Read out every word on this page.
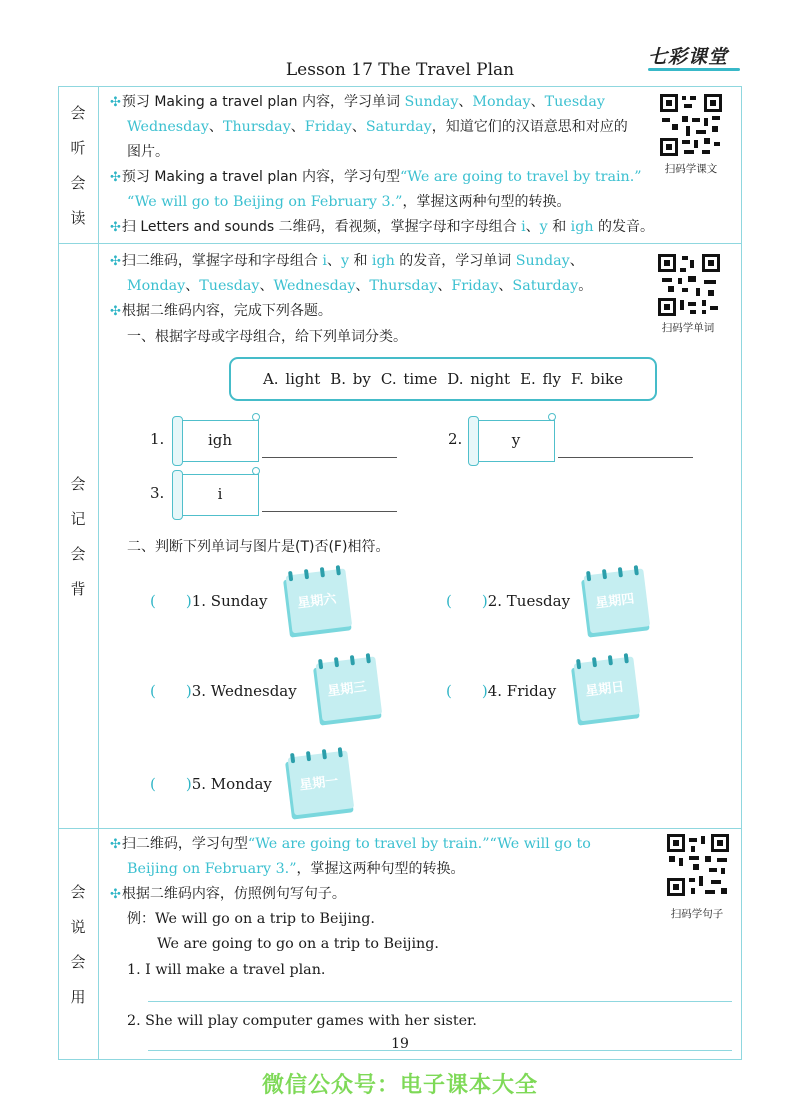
Lesson 17 The Travel Plan
七彩课堂
会
听
会
读
会
记
会
背
会
说
会
用
✣预习 Making a travel plan 内容，学习单词 Sunday、Monday、Tuesday
Wednesday、Thursday、Friday、Saturday，知道它们的汉语意思和对应的
图片。
✣预习 Making a travel plan 内容，学习句型“We are going to travel by train.”
“We will go to Beijing on February 3.”，掌握这两种句型的转换。
✣扫 Letters and sounds 二维码，看视频，掌握字母和字母组合 i、y 和 igh 的发音。
扫码学课文
✣扫二维码，掌握字母和字母组合 i、y 和 igh 的发音，学习单词 Sunday、
Monday、Tuesday、Wednesday、Thursday、Friday、Saturday。
✣根据二维码内容，完成下列各题。
一、根据字母或字母组合，给下列单词分类。
扫码学单词
A. light B. by C. time D. night E. fly F. bike
1.	igh	2.	y
3.	i
二、判断下列单词与图片是(T)否(F)相符。
(　　)1. Sunday	星期六	(　　)2. Tuesday	星期四
(　　)3. Wednesday	星期三	(　　)4. Friday	星期日
(　　)5. Monday	星期一
✣扫二维码，学习句型“We are going to travel by train.”“We will go to
Beijing on February 3.”，掌握这两种句型的转换。
✣根据二维码内容，仿照例句写句子。
例：We will go on a trip to Beijing.
We are going to go on a trip to Beijing.
1. I will make a travel plan.
2. She will play computer games with her sister.
扫码学句子
19
微信公众号：电子课本大全
